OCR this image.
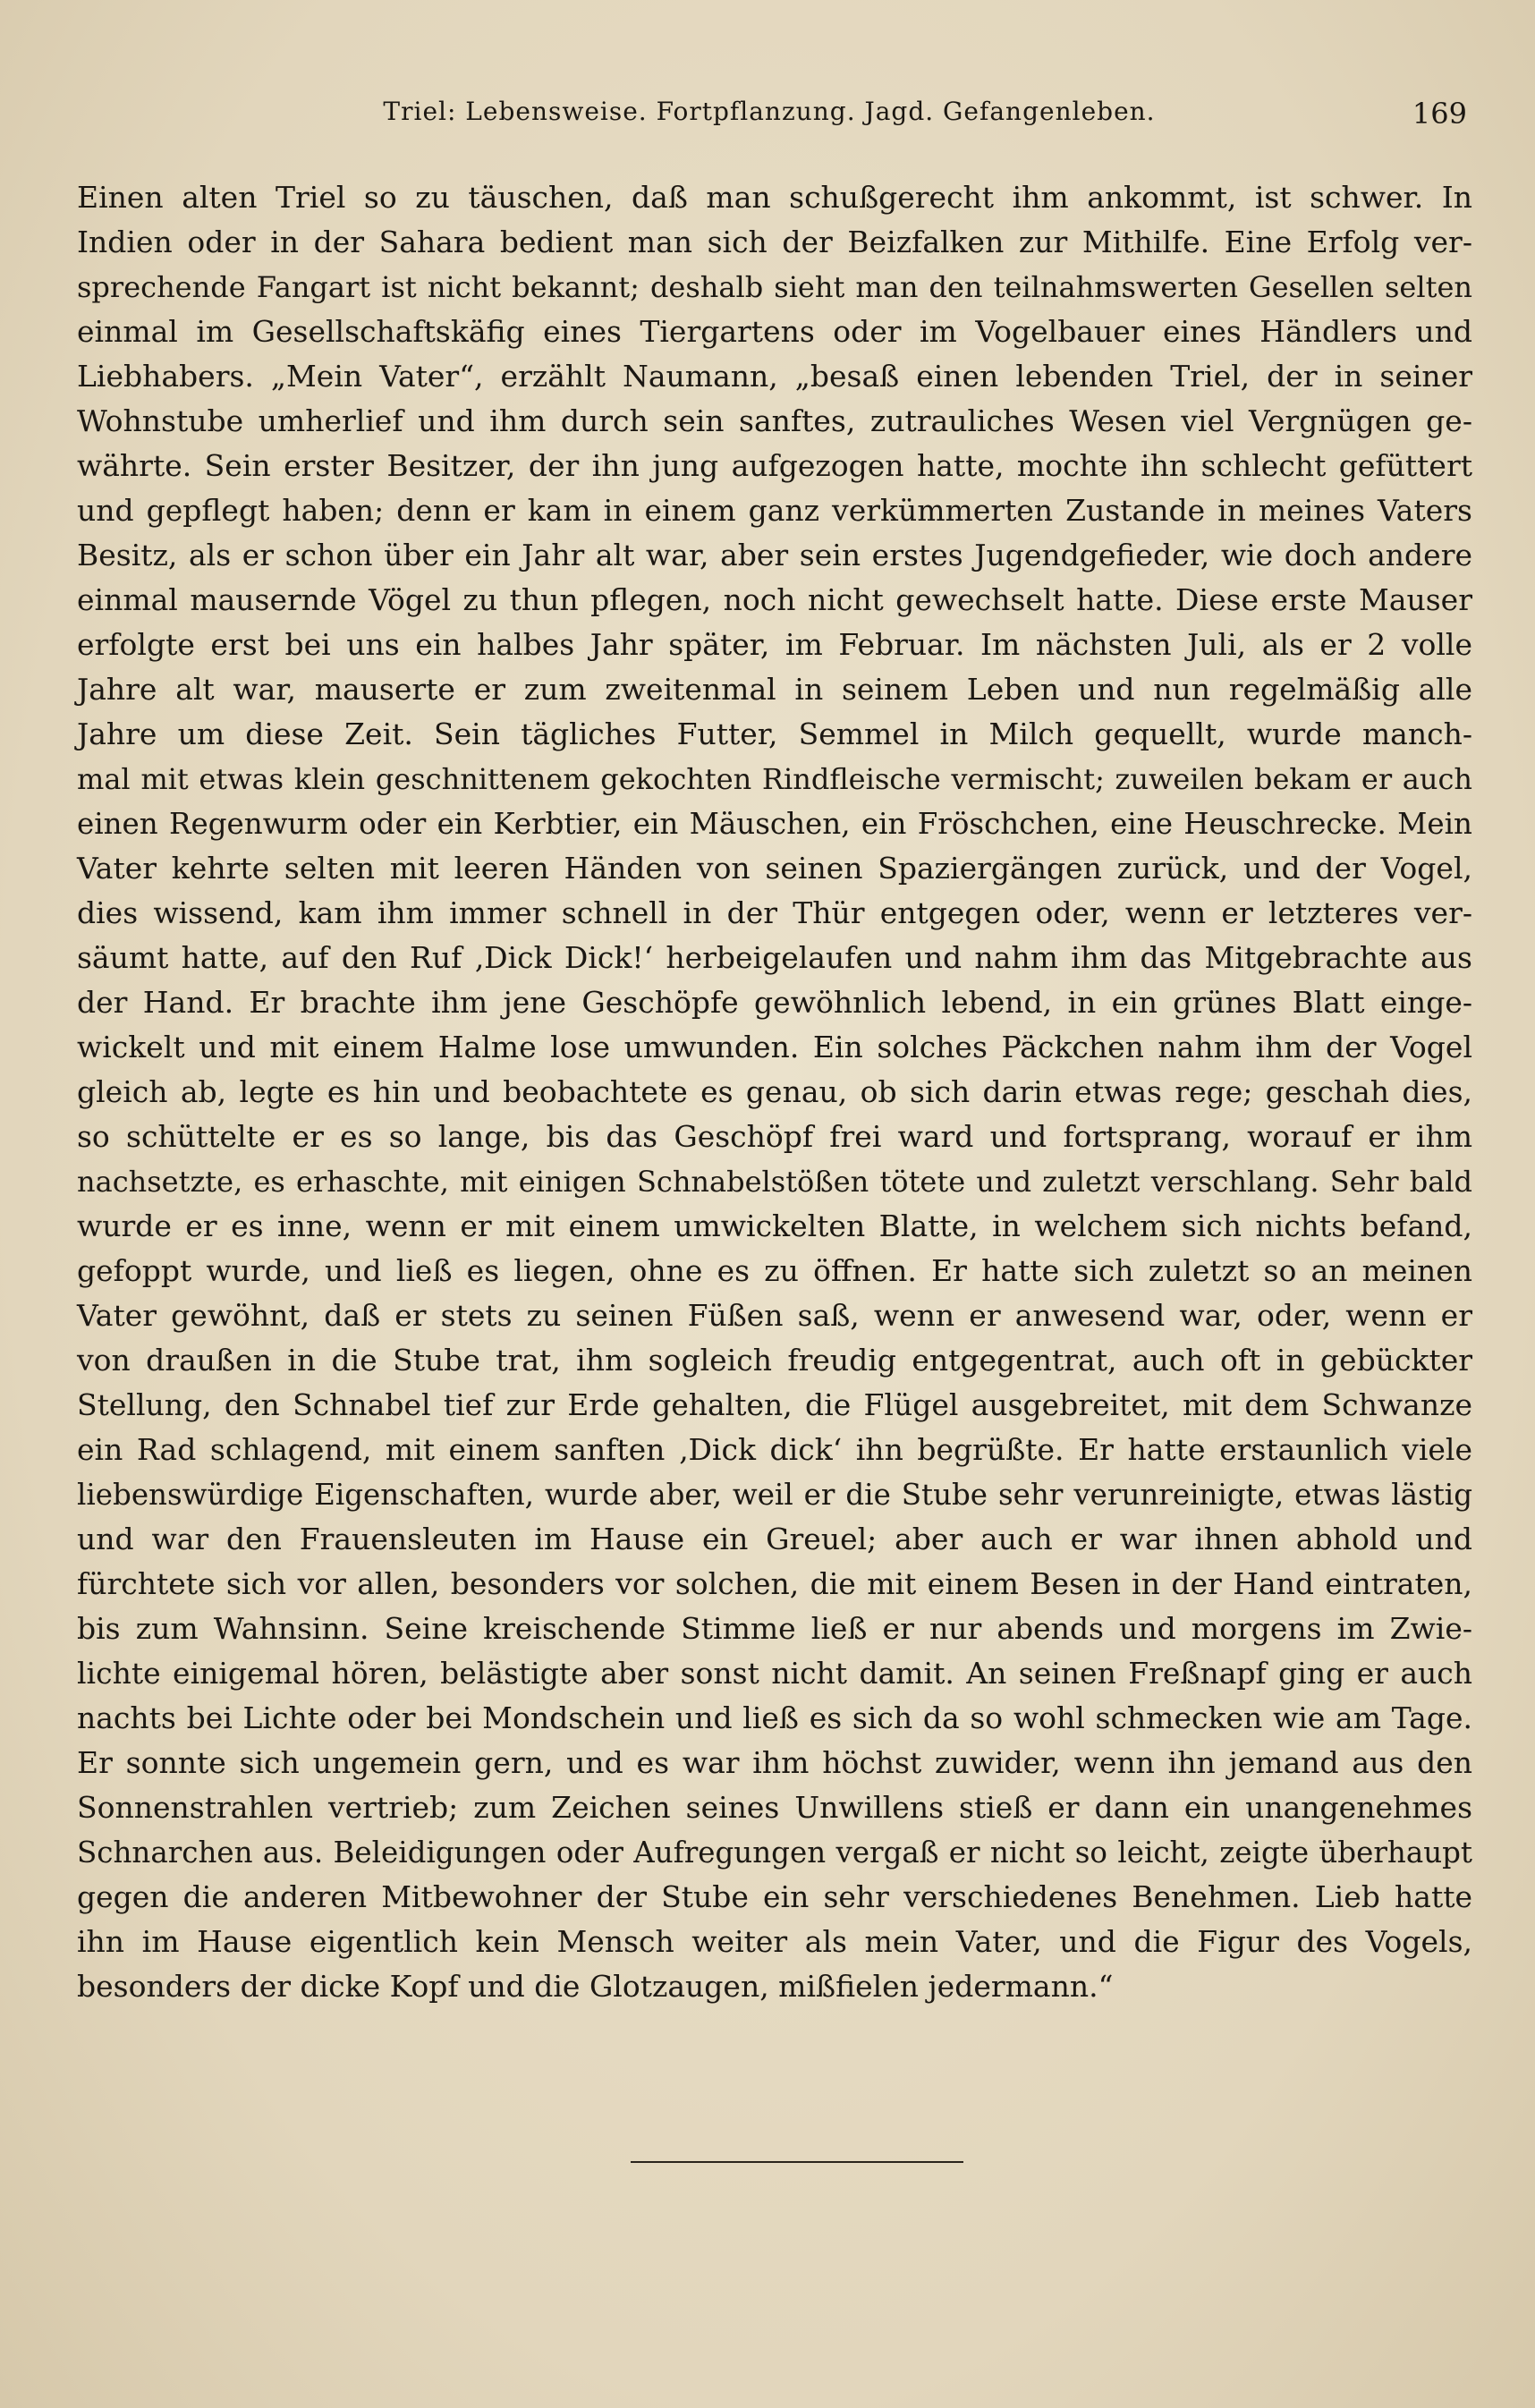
Triel: Lebensweise. Fortpflanzung. Jagd. Gefangenleben.	169
Einen alten Triel so zu täuschen, daß man schußgerecht ihm ankommt, ist schwer. In
Indien oder in der Sahara bedient man sich der Beizfalken zur Mithilfe. Eine Erfolg ver-
sprechende Fangart ist nicht bekannt; deshalb sieht man den teilnahmswerten Gesellen selten
einmal im Gesellschaftskäfig eines Tiergartens oder im Vogelbauer eines Händlers und
Liebhabers. „Mein Vater“, erzählt Naumann, „besaß einen lebenden Triel, der in seiner
Wohnstube umherlief und ihm durch sein sanftes, zutrauliches Wesen viel Vergnügen ge-
währte. Sein erster Besitzer, der ihn jung aufgezogen hatte, mochte ihn schlecht gefüttert
und gepflegt haben; denn er kam in einem ganz verkümmerten Zustande in meines Vaters
Besitz, als er schon über ein Jahr alt war, aber sein erstes Jugendgefieder, wie doch andere
einmal mausernde Vögel zu thun pflegen, noch nicht gewechselt hatte. Diese erste Mauser
erfolgte erst bei uns ein halbes Jahr später, im Februar. Im nächsten Juli, als er 2 volle
Jahre alt war, mauserte er zum zweitenmal in seinem Leben und nun regelmäßig alle
Jahre um diese Zeit. Sein tägliches Futter, Semmel in Milch gequellt, wurde manch-
mal mit etwas klein geschnittenem gekochten Rindfleische vermischt; zuweilen bekam er auch
einen Regenwurm oder ein Kerbtier, ein Mäuschen, ein Fröschchen, eine Heuschrecke. Mein
Vater kehrte selten mit leeren Händen von seinen Spaziergängen zurück, und der Vogel,
dies wissend, kam ihm immer schnell in der Thür entgegen oder, wenn er letzteres ver-
säumt hatte, auf den Ruf ‚Dick Dick!‘ herbeigelaufen und nahm ihm das Mitgebrachte aus
der Hand. Er brachte ihm jene Geschöpfe gewöhnlich lebend, in ein grünes Blatt einge-
wickelt und mit einem Halme lose umwunden. Ein solches Päckchen nahm ihm der Vogel
gleich ab, legte es hin und beobachtete es genau, ob sich darin etwas rege; geschah dies,
so schüttelte er es so lange, bis das Geschöpf frei ward und fortsprang, worauf er ihm
nachsetzte, es erhaschte, mit einigen Schnabelstößen tötete und zuletzt verschlang. Sehr bald
wurde er es inne, wenn er mit einem umwickelten Blatte, in welchem sich nichts befand,
gefoppt wurde, und ließ es liegen, ohne es zu öffnen. Er hatte sich zuletzt so an meinen
Vater gewöhnt, daß er stets zu seinen Füßen saß, wenn er anwesend war, oder, wenn er
von draußen in die Stube trat, ihm sogleich freudig entgegentrat, auch oft in gebückter
Stellung, den Schnabel tief zur Erde gehalten, die Flügel ausgebreitet, mit dem Schwanze
ein Rad schlagend, mit einem sanften ‚Dick dick‘ ihn begrüßte. Er hatte erstaunlich viele
liebenswürdige Eigenschaften, wurde aber, weil er die Stube sehr verunreinigte, etwas lästig
und war den Frauensleuten im Hause ein Greuel; aber auch er war ihnen abhold und
fürchtete sich vor allen, besonders vor solchen, die mit einem Besen in der Hand eintraten,
bis zum Wahnsinn. Seine kreischende Stimme ließ er nur abends und morgens im Zwie-
lichte einigemal hören, belästigte aber sonst nicht damit. An seinen Freßnapf ging er auch
nachts bei Lichte oder bei Mondschein und ließ es sich da so wohl schmecken wie am Tage.
Er sonnte sich ungemein gern, und es war ihm höchst zuwider, wenn ihn jemand aus den
Sonnenstrahlen vertrieb; zum Zeichen seines Unwillens stieß er dann ein unangenehmes
Schnarchen aus. Beleidigungen oder Aufregungen vergaß er nicht so leicht, zeigte überhaupt
gegen die anderen Mitbewohner der Stube ein sehr verschiedenes Benehmen. Lieb hatte
ihn im Hause eigentlich kein Mensch weiter als mein Vater, und die Figur des Vogels,
besonders der dicke Kopf und die Glotzaugen, mißfielen jedermann.“
